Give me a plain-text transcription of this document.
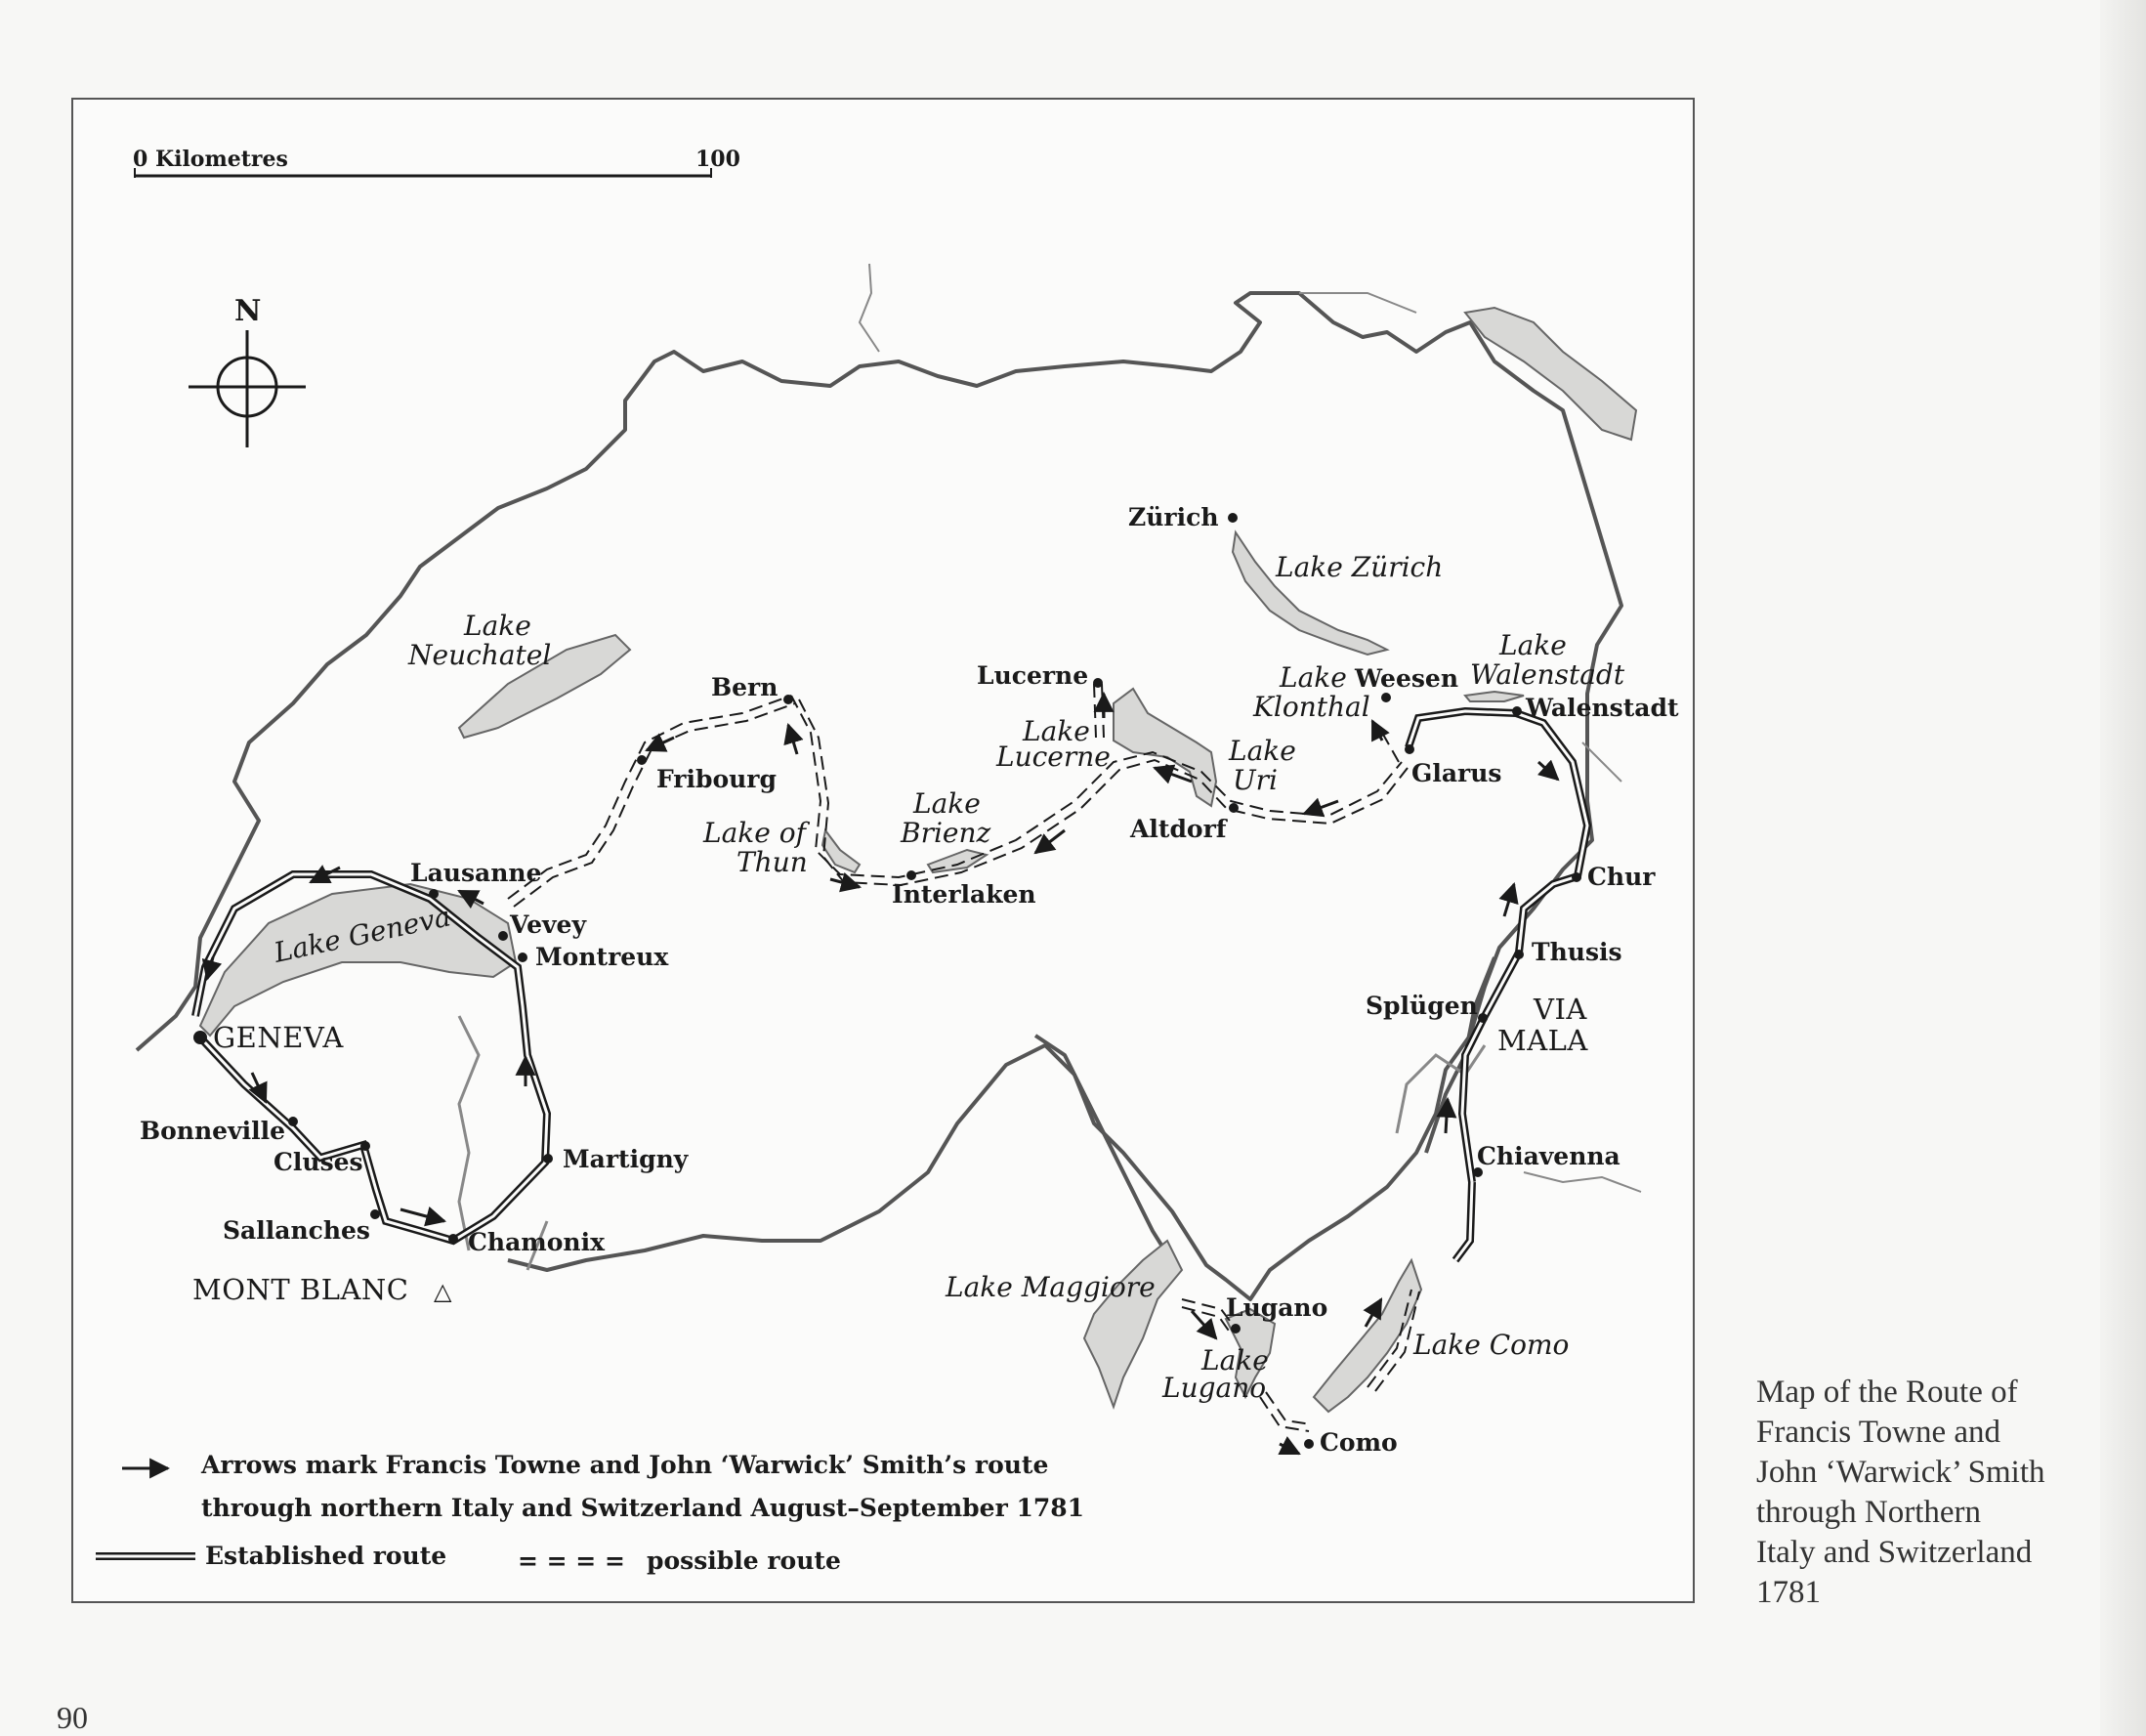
0 Kilometres	100
N
Zürich
Lucerne	Weesen
Walenstadt
Glarus
Altdorf
Bern
Fribourg
Interlaken
Lausanne
Vevey
Montreux
GENEVA
Bonneville
Cluses
Sallanches	Chamonix
Martigny
Chur
Thusis
Splügen
Chiavenna
Lugano
Como
MONT BLANC △
VIA
MALA
Lake Zürich
Lake
Neuchatel
Lake
Lucerne	Lake
Uri
Lake
Klonthal
Lake
Walenstadt
Lake
Brienz
Lake of
Thun
Lake Geneva
Lake Maggiore
Lake
Lugano
Lake Como
Arrows mark Francis Towne and John ‘Warwick’ Smith’s route
through northern Italy and Switzerland August–September 1781
Established route	= = = = possible route
Map of the Route of
Francis Towne and
John ‘Warwick’ Smith
through Northern
Italy and Switzerland
1781
90
